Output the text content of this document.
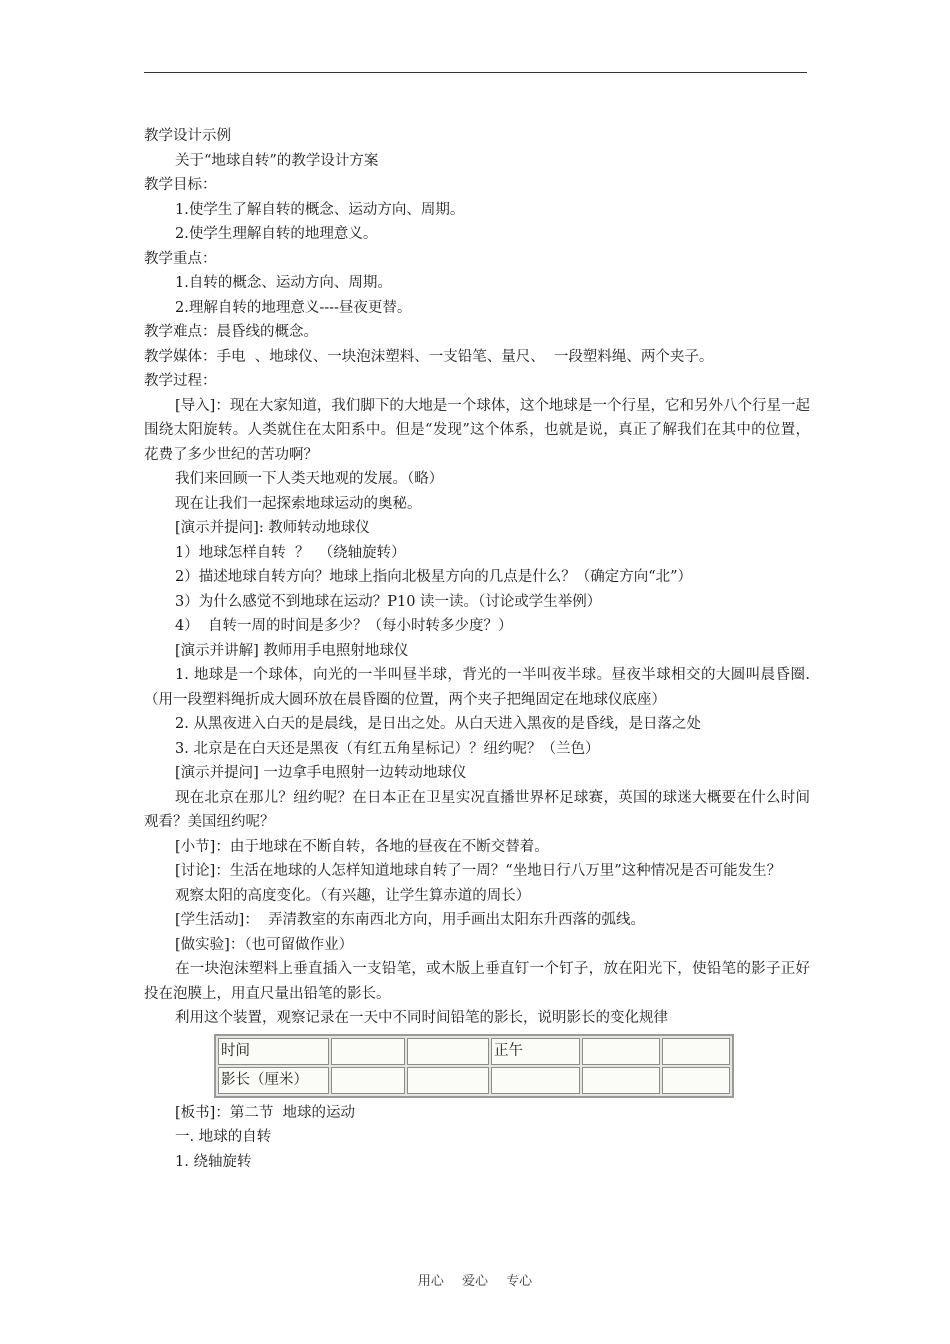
教学设计示例
关于“地球自转”的教学设计方案
教学目标：
1.使学生了解自转的概念、运动方向、周期。
2.使学生理解自转的地理意义。
教学重点：
1.自转的概念、运动方向、周期。
2.理解自转的地理意义----昼夜更替。
教学难点：晨昏线的概念。
教学媒体：手电  、地球仪、一块泡沫塑料、一支铅笔、量尺、  一段塑料绳、两个夹子。
教学过程：
[导入]：现在大家知道，我们脚下的大地是一个球体，这个地球是一个行星，它和另外八个行星一起围绕太阳旋转。人类就住在太阳系中。但是“发现”这个体系，也就是说，真正了解我们在其中的位置，花费了多少世纪的苦功啊？
我们来回顾一下人类天地观的发展。（略）
现在让我们一起探索地球运动的奥秘。
[演示并提问]: 教师转动地球仪
1）地球怎样自转  ？  （绕轴旋转）
2）描述地球自转方向？地球上指向北极星方向的几点是什么？（确定方向“北”）
3）为什么感觉不到地球在运动？P10 读一读。（讨论或学生举例）
4）  自转一周的时间是多少？（每小时转多少度？）
[演示并讲解] 教师用手电照射地球仪
1. 地球是一个球体，向光的一半叫昼半球，背光的一半叫夜半球。昼夜半球相交的大圆叫晨昏圈.（用一段塑料绳折成大圆环放在晨昏圈的位置，两个夹子把绳固定在地球仪底座）
2. 从黑夜进入白天的是晨线，是日出之处。从白天进入黑夜的是昏线，是日落之处
3. 北京是在白天还是黑夜（有红五角星标记）？纽约呢？（兰色）
[演示并提问] 一边拿手电照射一边转动地球仪
现在北京在那儿？纽约呢？在日本正在卫星实况直播世界杯足球赛，英国的球迷大概要在什么时间观看？美国纽约呢？
[小节]：由于地球在不断自转，各地的昼夜在不断交替着。
[讨论]：生活在地球的人怎样知道地球自转了一周？“坐地日行八万里”这种情况是否可能发生？
观察太阳的高度变化。（有兴趣，让学生算赤道的周长）
[学生活动]：  弄清教室的东南西北方向，用手画出太阳东升西落的弧线。
[做实验]：（也可留做作业）
在一块泡沫塑料上垂直插入一支铅笔，或木版上垂直钉一个钉子，放在阳光下，使铅笔的影子正好投在泡膜上，用直尺量出铅笔的影长。
利用这个装置，观察记录在一天中不同时间铅笔的影长，说明影长的变化规律
时间			正午		
影长（厘米）					
[板书]：第二节  地球的运动
一. 地球的自转
1. 绕轴旋转
用心 爱心 专心
